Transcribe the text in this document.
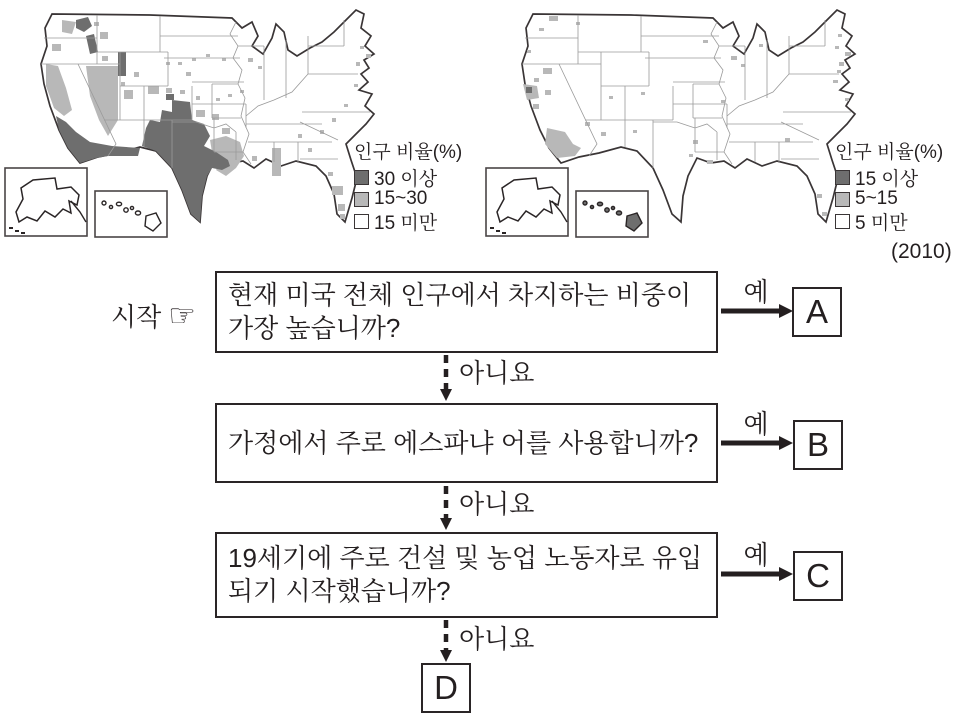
인구 비율(%)
30 이상
15~30
15 미만
인구 비율(%)
15 이상
5~15
5 미만
(2010)
시작 ☞
현재 미국 전체 인구에서 차지하는 비중이
가장 높습니까?
예
A
아니요
가정에서 주로 에스파냐 어를 사용합니까?
예
B
아니요
19세기에 주로 건설 및 농업 노동자로 유입
되기 시작했습니까?
예
C
아니요
D
